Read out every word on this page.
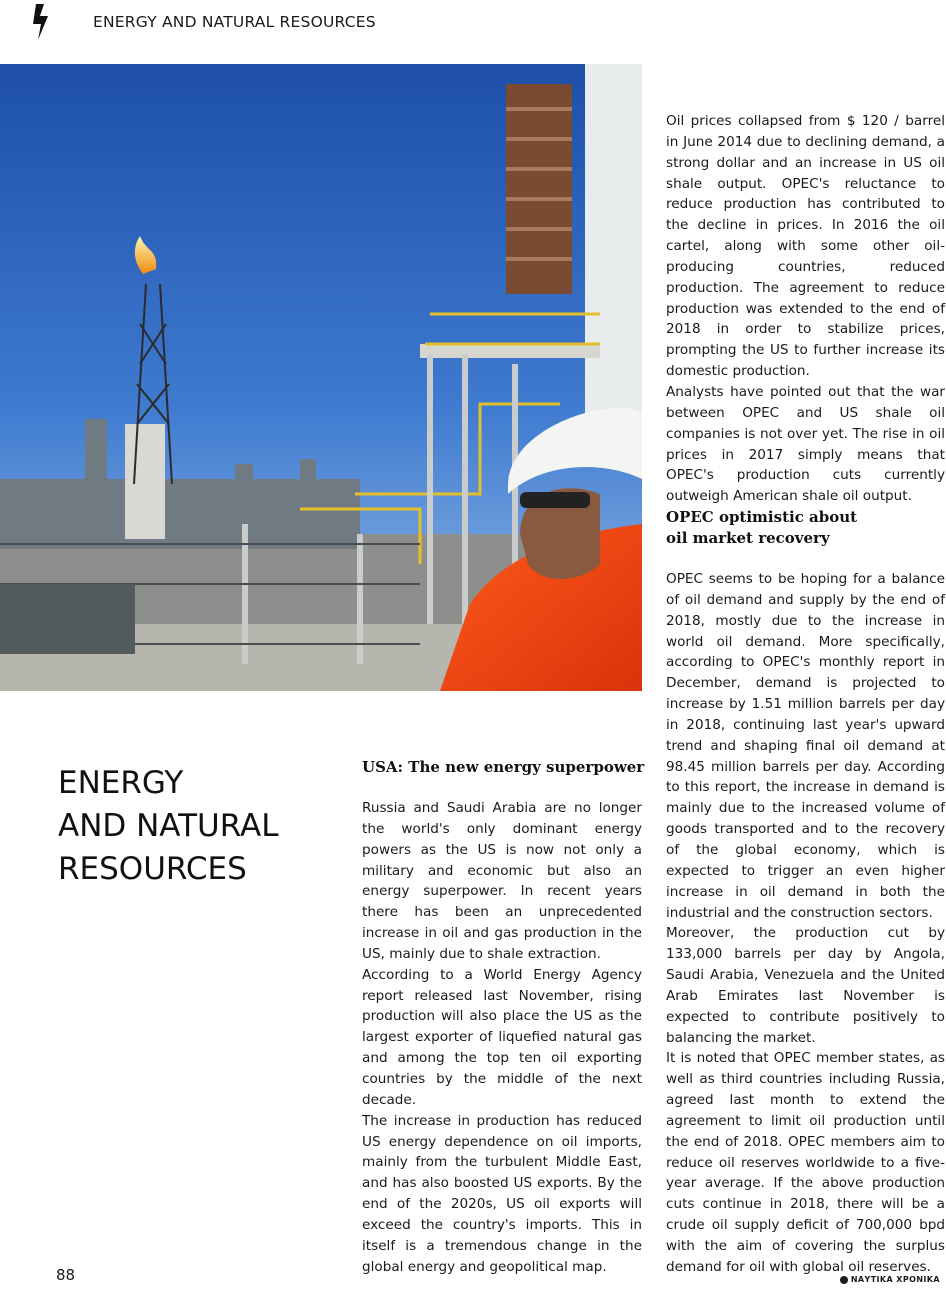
ENERGY AND NATURAL RESOURCES
ENERGY
AND NATURAL
RESOURCES
USA: The new energy superpower

Russia and Saudi Arabia are no longer the world's only dominant energy powers as the US is now not only a military and economic but also an energy superpower. In recent years there has been an unprecedented increase in oil and gas production in the US, mainly due to shale extraction.

According to a World Energy Agency report released last November, rising production will also place the US as the largest exporter of liquefied natural gas and among the top ten oil exporting countries by the middle of the next decade.

The increase in production has reduced US energy dependence on oil imports, mainly from the turbulent Middle East, and has also boosted US exports. By the end of the 2020s, US oil exports will exceed the country's imports. This in itself is a tremendous change in the global energy and geopolitical map.

Oil prices collapsed from $ 120 / barrel in June 2014 due to declining demand, a strong dollar and an increase in US oil shale output. OPEC's reluctance to reduce production has contributed to the decline in prices. In 2016 the oil cartel, along with some other oil-producing countries, reduced production. The agreement to reduce production was extended to the end of 2018 in order to stabilize prices, prompting the US to further increase its domestic production.

Analysts have pointed out that the war between OPEC and US shale oil companies is not over yet. The rise in oil prices in 2017 simply means that OPEC's production cuts currently outweigh American shale oil output.

OPEC optimistic about
oil market recovery

OPEC seems to be hoping for a balance of oil demand and supply by the end of 2018, mostly due to the increase in world oil demand. More specifically, according to OPEC's monthly report in December, demand is projected to increase by 1.51 million barrels per day in 2018, continuing last year's upward trend and shaping final oil demand at 98.45 million barrels per day. According to this report, the increase in demand is mainly due to the increased volume of goods transported and to the recovery of the global economy, which is expected to trigger an even higher increase in oil demand in both the industrial and the construction sectors.

Moreover, the production cut by 133,000 barrels per day by Angola, Saudi Arabia, Venezuela and the United Arab Emirates last November is expected to contribute positively to balancing the market.

It is noted that OPEC member states, as well as third countries including Russia, agreed last month to extend the agreement to limit oil production until the end of 2018. OPEC members aim to reduce oil reserves worldwide to a five-year average. If the above production cuts continue in 2018, there will be a crude oil supply deficit of 700,000 bpd with the aim of covering the surplus demand for oil with global oil reserves.

88	ΝΑΥΤΙΚΑ ΧΡΟΝΙΚΑ
